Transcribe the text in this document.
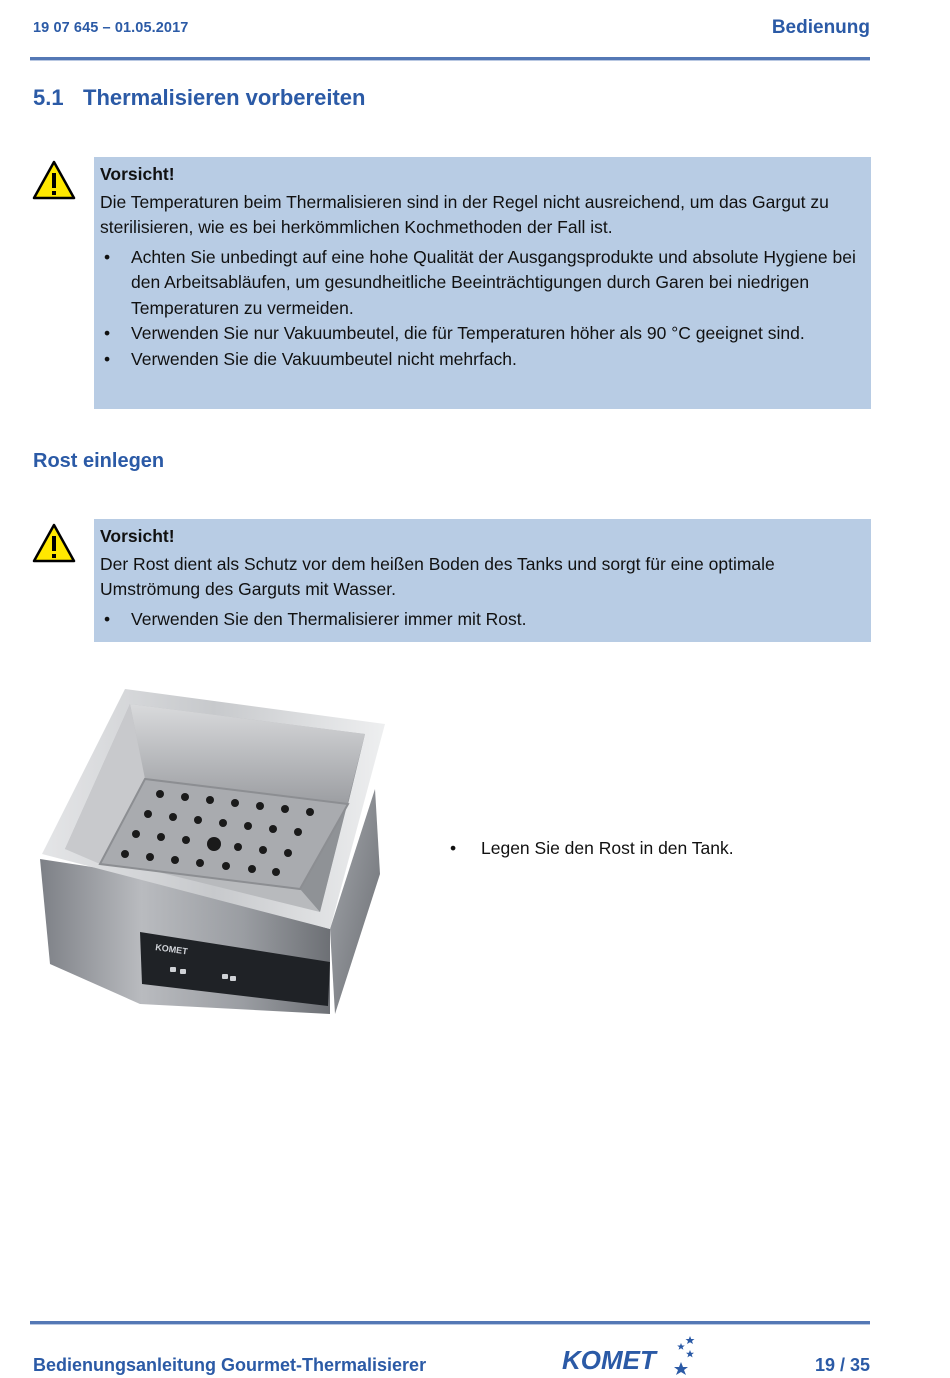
19 07 645 – 01.05.2017	Bedienung
5.1 Thermalisieren vorbereiten
Vorsicht!

Die Temperaturen beim Thermalisieren sind in der Regel nicht ausreichend, um das Gargut zu sterilisieren, wie es bei herkömmlichen Kochmethoden der Fall ist.

• Achten Sie unbedingt auf eine hohe Qualität der Ausgangsprodukte und absolute Hygiene bei den Arbeitsabläufen, um gesundheitliche Beeinträchtigungen durch Garen bei niedrigen Temperaturen zu vermeiden.
• Verwenden Sie nur Vakuumbeutel, die für Temperaturen höher als 90 °C geeignet sind.
• Verwenden Sie die Vakuumbeutel nicht mehrfach.
Rost einlegen
Vorsicht!

Der Rost dient als Schutz vor dem heißen Boden des Tanks und sorgt für eine optimale Umströmung des Garguts mit Wasser.

• Verwenden Sie den Thermalisierer immer mit Rost.
KOMET
• Legen Sie den Rost in den Tank.
Bedienungsanleitung Gourmet-Thermalisierer	KOMET	19 / 35
